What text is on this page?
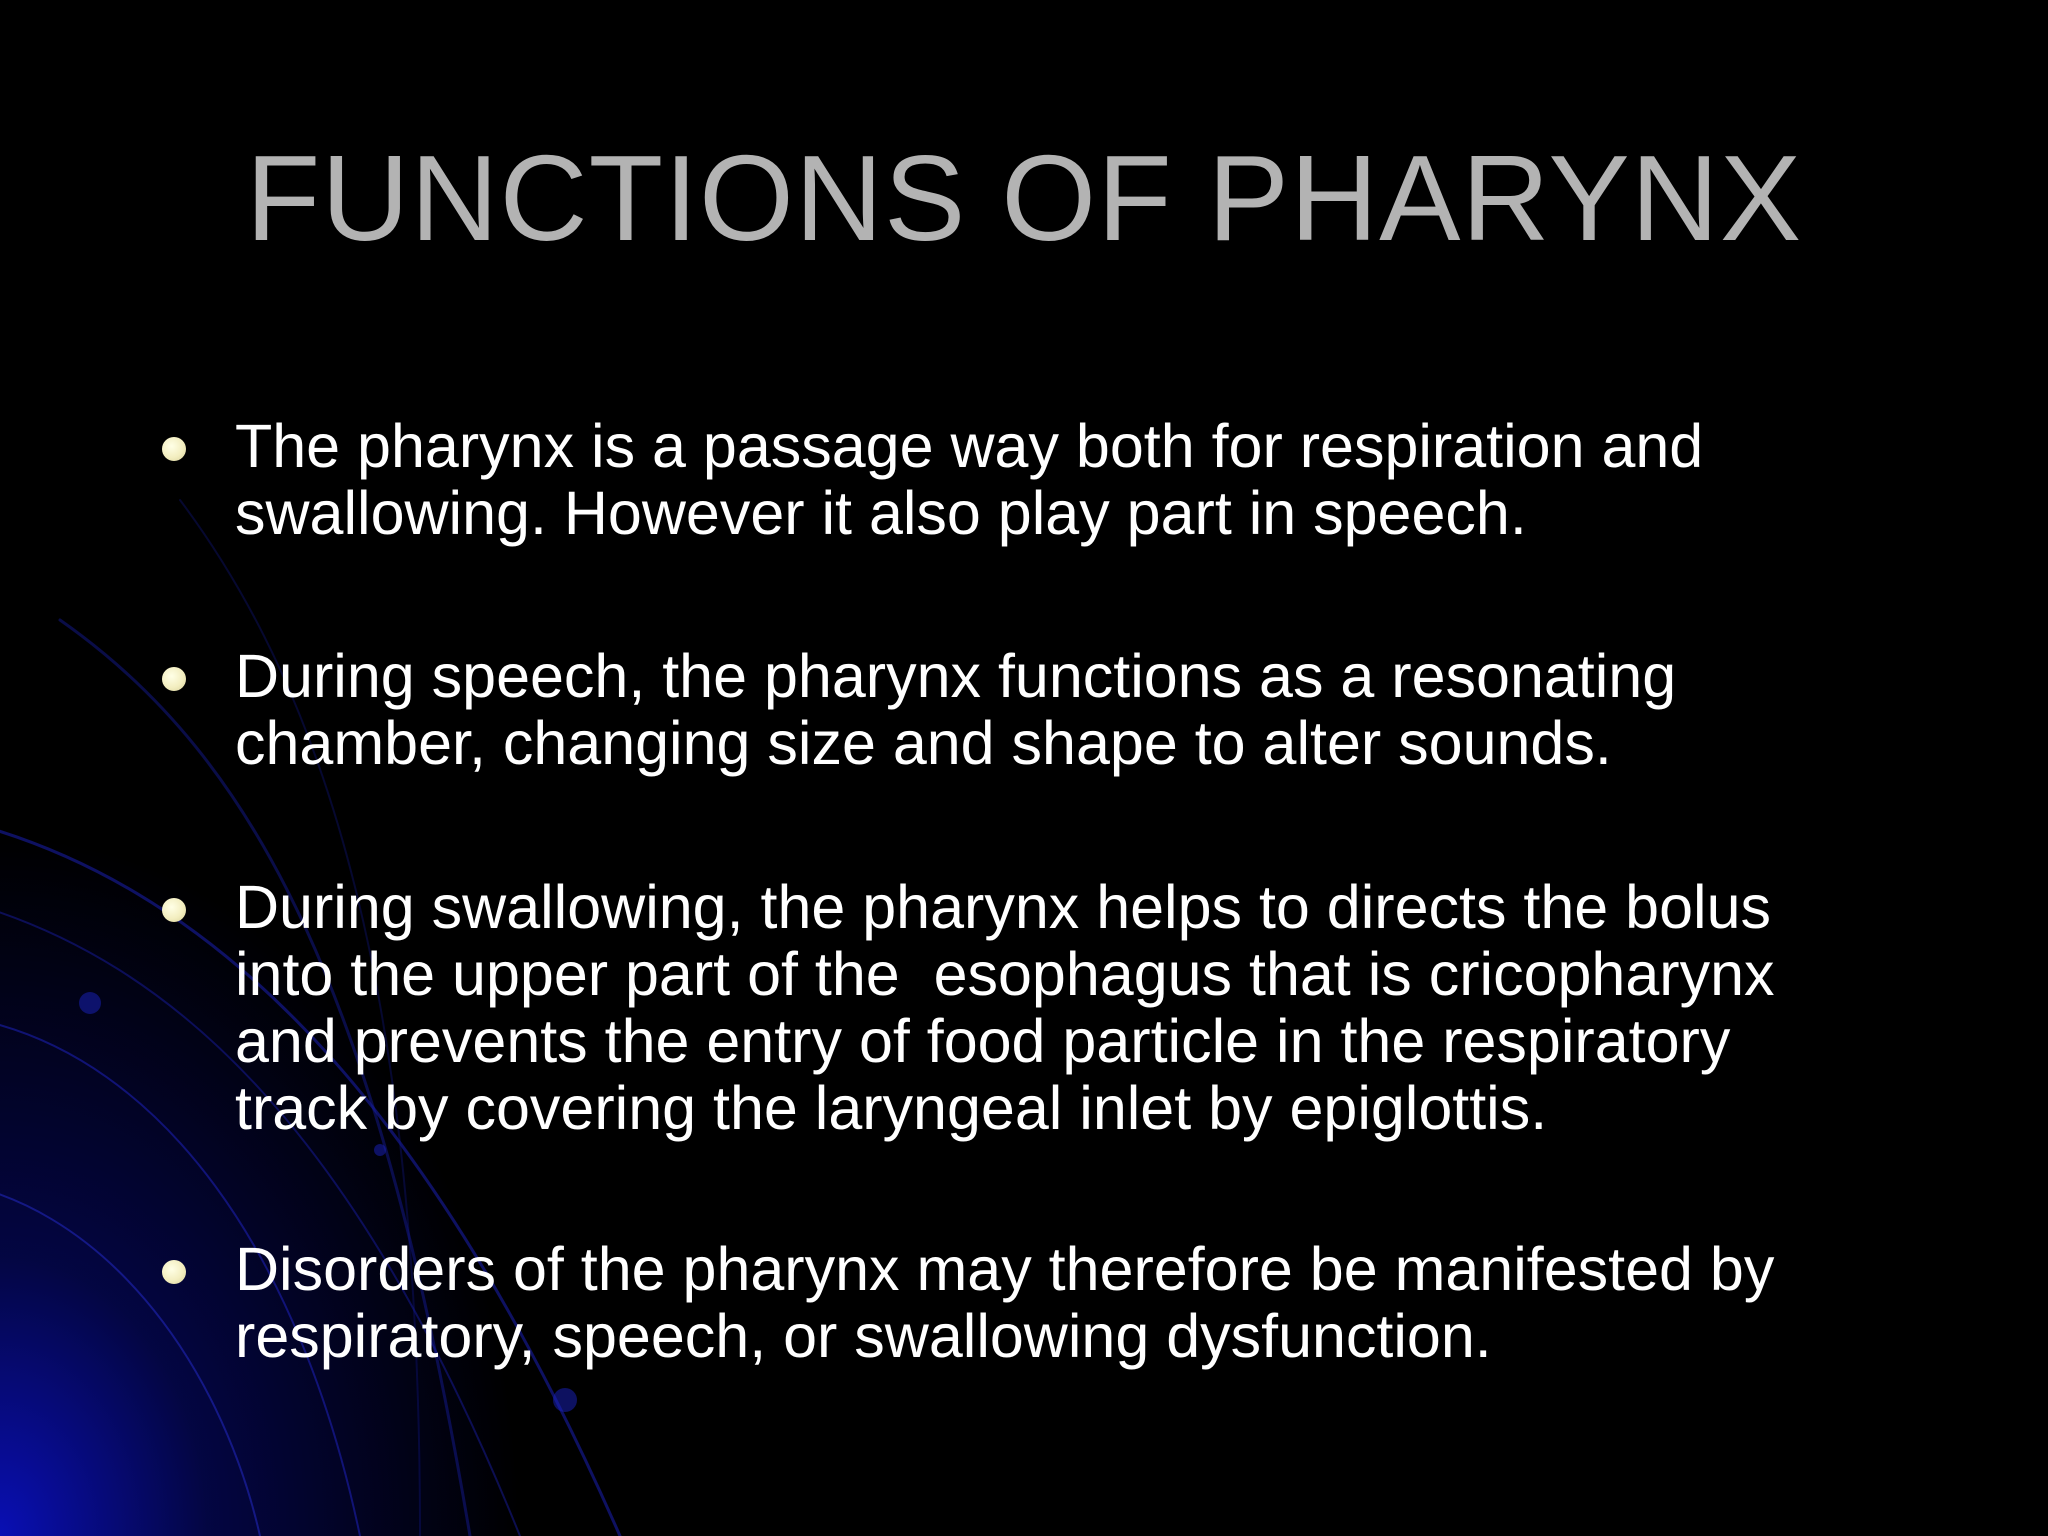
FUNCTIONS OF PHARYNX
The pharynx is a passage way both for respiration and
swallowing. However it also play part in speech.
During speech, the pharynx functions as a resonating
chamber, changing size and shape to alter sounds.
During swallowing, the pharynx helps to directs the bolus
into the upper part of the  esophagus that is cricopharynx
and prevents the entry of food particle in the respiratory
track by covering the laryngeal inlet by epiglottis.
Disorders of the pharynx may therefore be manifested by
respiratory, speech, or swallowing dysfunction.
